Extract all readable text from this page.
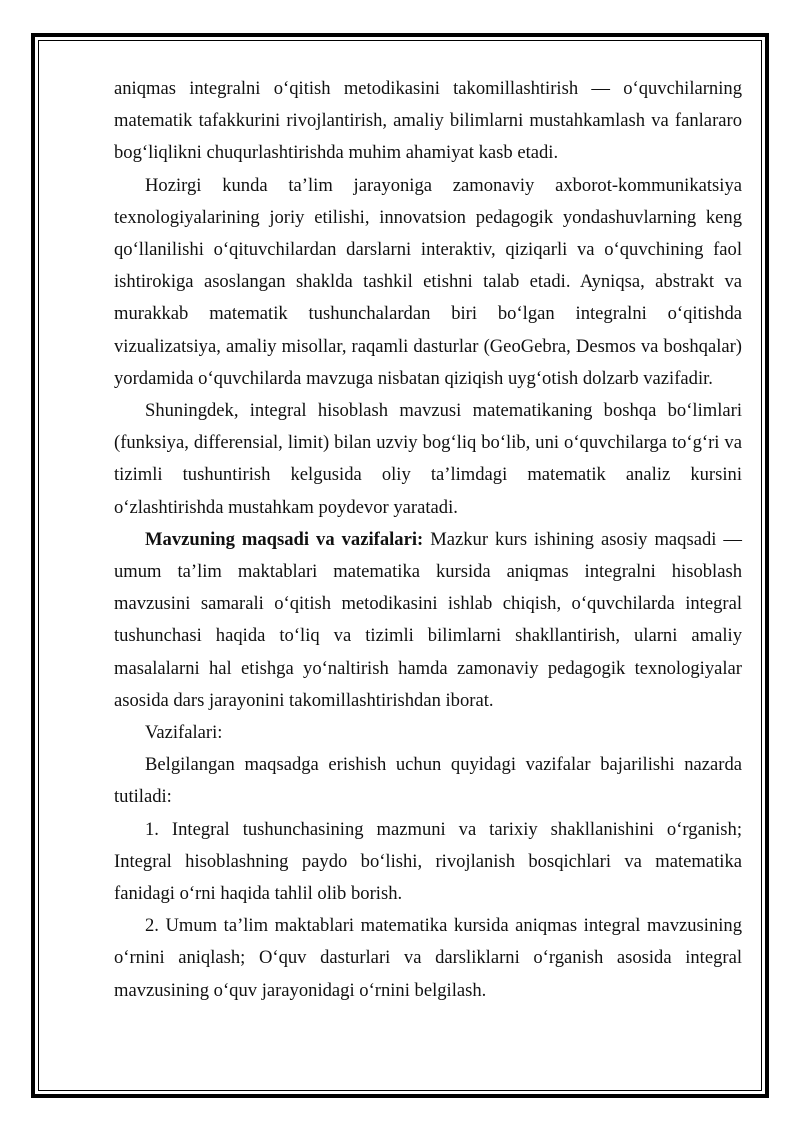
aniqmas integralni o‘qitish metodikasini takomillashtirish — o‘quvchilarning matematik tafakkurini rivojlantirish, amaliy bilimlarni mustahkamlash va fanlararo bog‘liqlikni chuqurlashtirishda muhim ahamiyat kasb etadi.

Hozirgi kunda ta’lim jarayoniga zamonaviy axborot-kommunikatsiya texnologiyalarining joriy etilishi, innovatsion pedagogik yondashuvlarning keng qo‘llanilishi o‘qituvchilardan darslarni interaktiv, qiziqarli va o‘quvchining faol ishtirokiga asoslangan shaklda tashkil etishni talab etadi. Ayniqsa, abstrakt va murakkab matematik tushunchalardan biri bo‘lgan integralni o‘qitishda vizualizatsiya, amaliy misollar, raqamli dasturlar (GeoGebra, Desmos va boshqalar) yordamida o‘quvchilarda mavzuga nisbatan qiziqish uyg‘otish dolzarb vazifadir.

Shuningdek, integral hisoblash mavzusi matematikaning boshqa bo‘limlari (funksiya, differensial, limit) bilan uzviy bog‘liq bo‘lib, uni o‘quvchilarga to‘g‘ri va tizimli tushuntirish kelgusida oliy ta’limdagi matematik analiz kursini o‘zlashtirishda mustahkam poydevor yaratadi.

Mavzuning maqsadi va vazifalari: Mazkur kurs ishining asosiy maqsadi — umum ta’lim maktablari matematika kursida aniqmas integralni hisoblash mavzusini samarali o‘qitish metodikasini ishlab chiqish, o‘quvchilarda integral tushunchasi haqida to‘liq va tizimli bilimlarni shakllantirish, ularni amaliy masalalarni hal etishga yo‘naltirish hamda zamonaviy pedagogik texnologiyalar asosida dars jarayonini takomillashtirishdan iborat.

Vazifalari:

Belgilangan maqsadga erishish uchun quyidagi vazifalar bajarilishi nazarda tutiladi:

1. Integral tushunchasining mazmuni va tarixiy shakllanishini o‘rganish; Integral hisoblashning paydo bo‘lishi, rivojlanish bosqichlari va matematika fanidagi o‘rni haqida tahlil olib borish.

2. Umum ta’lim maktablari matematika kursida aniqmas integral mavzusining o‘rnini aniqlash; O‘quv dasturlari va darsliklarni o‘rganish asosida integral mavzusining o‘quv jarayonidagi o‘rnini belgilash.
